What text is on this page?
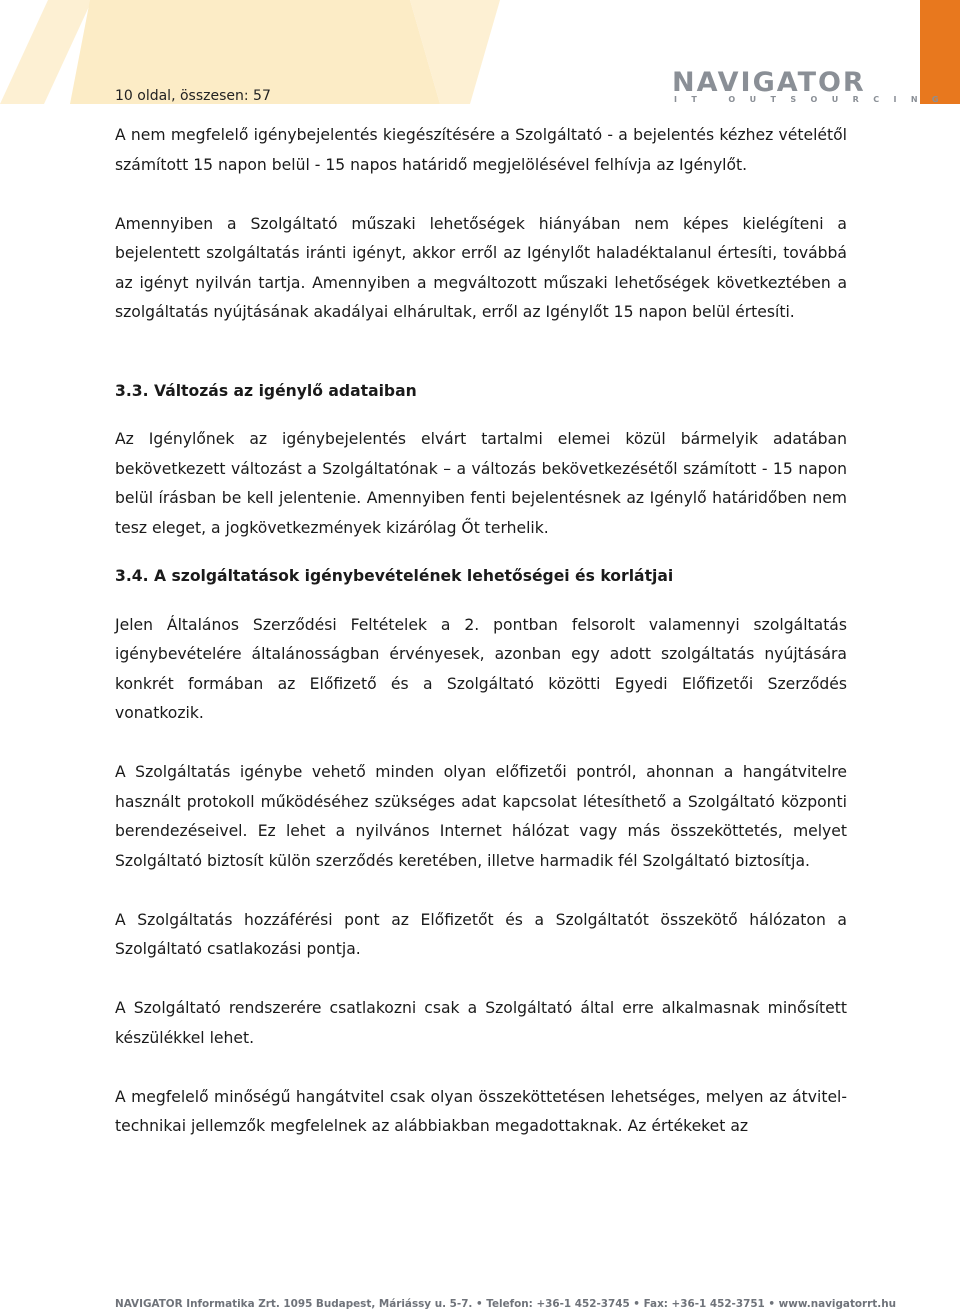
10 oldal, összesen: 57	NAVIGATOR
IT OUTSOURCING

A nem megfelelő igénybejelentés kiegészítésére a Szolgáltató - a bejelentés kézhez vételétől számított 15 napon belül - 15 napos határidő megjelölésével felhívja az Igénylőt.

Amennyiben a Szolgáltató műszaki lehetőségek hiányában nem képes kielégíteni a bejelentett szolgáltatás iránti igényt, akkor erről az Igénylőt haladéktalanul értesíti, továbbá az igényt nyilván tartja. Amennyiben a megváltozott műszaki lehetőségek következtében a szolgáltatás nyújtásának akadályai elhárultak, erről az Igénylőt 15 napon belül értesíti.

3.3. Változás az igénylő adataiban

Az Igénylőnek az igénybejelentés elvárt tartalmi elemei közül bármelyik adatában bekövetkezett változást a Szolgáltatónak – a változás bekövetkezésétől számított - 15 napon belül írásban be kell jelentenie. Amennyiben fenti bejelentésnek az Igénylő határidőben nem tesz eleget, a jogkövetkezmények kizárólag Őt terhelik.

3.4. A szolgáltatások igénybevételének lehetőségei és korlátjai

Jelen Általános Szerződési Feltételek a 2. pontban felsorolt valamennyi szolgáltatás igénybevételére általánosságban érvényesek, azonban egy adott szolgáltatás nyújtására konkrét formában az Előfizető és a Szolgáltató közötti Egyedi Előfizetői Szerződés vonatkozik.

A Szolgáltatás igénybe vehető minden olyan előfizetői pontról, ahonnan a hangátvitelre használt protokoll működéséhez szükséges adat kapcsolat létesíthető a Szolgáltató központi berendezéseivel. Ez lehet a nyilvános Internet hálózat vagy más összeköttetés, melyet Szolgáltató biztosít külön szerződés keretében, illetve harmadik fél Szolgáltató biztosítja.

A Szolgáltatás hozzáférési pont az Előfizetőt és a Szolgáltatót összekötő hálózaton a Szolgáltató csatlakozási pontja.

A Szolgáltató rendszerére csatlakozni csak a Szolgáltató által erre alkalmasnak minősített készülékkel lehet.

A megfelelő minőségű hangátvitel csak olyan összeköttetésen lehetséges, melyen az átvitel-technikai jellemzők megfelelnek az alábbiakban megadottaknak. Az értékeket az

NAVIGATOR Informatika Zrt. 1095 Budapest, Máriássy u. 5-7. • Telefon: +36-1 452-3745 • Fax: +36-1 452-3751 • www.navigatorrt.hu
